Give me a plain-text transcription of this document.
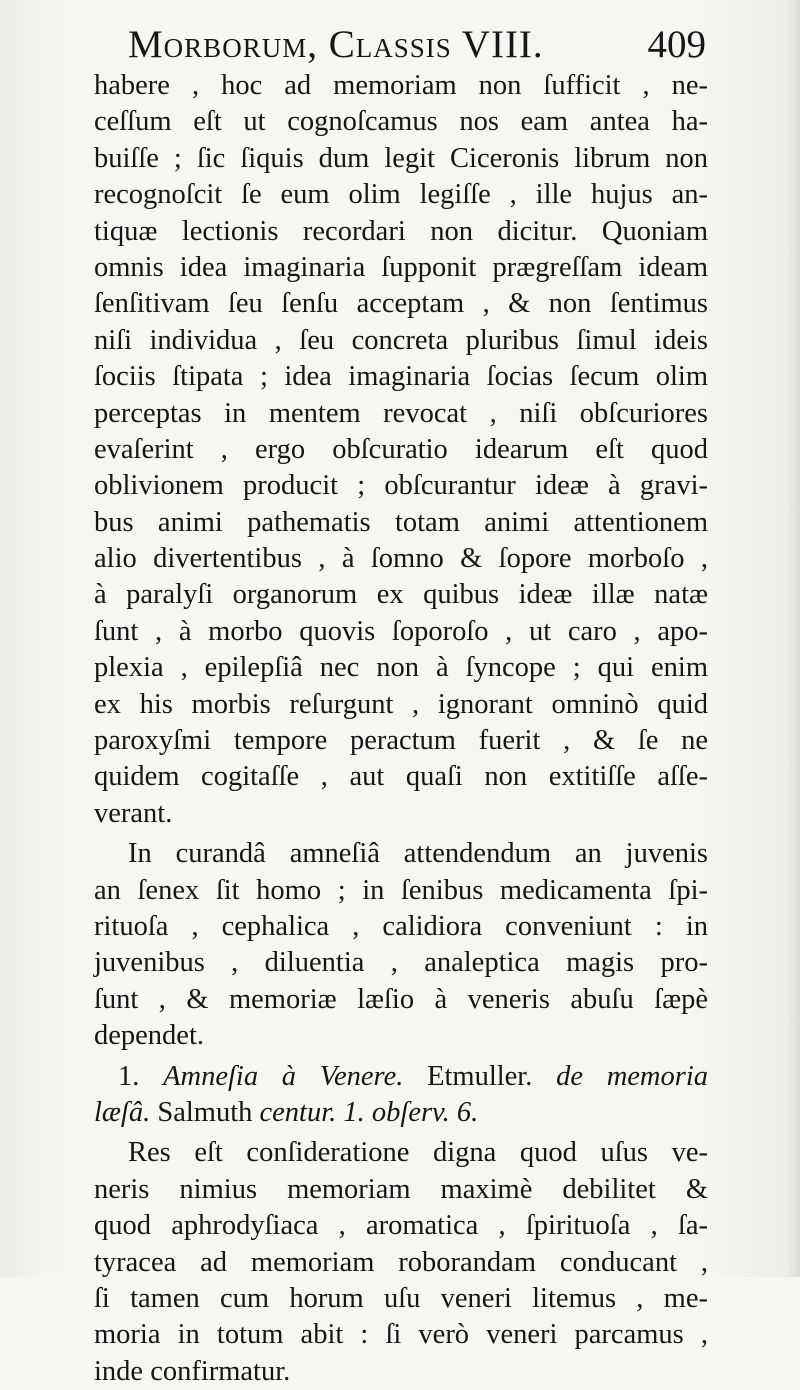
Morborum, Classis VIII.	409
habere , hoc ad memoriam non ſufficit , ne-
ceſſum eſt ut cognoſcamus nos eam antea ha-
buiſſe ; ſic ſiquis dum legit Ciceronis librum non
recognoſcit ſe eum olim legiſſe , ille hujus an-
tiquæ lectionis recordari non dicitur. Quoniam
omnis idea imaginaria ſupponit prægreſſam ideam
ſenſitivam ſeu ſenſu acceptam , & non ſentimus
niſi individua , ſeu concreta pluribus ſimul ideis
ſociis ſtipata ; idea imaginaria ſocias ſecum olim
perceptas in mentem revocat , niſi obſcuriores
evaſerint , ergo obſcuratio idearum eſt quod
oblivionem producit ; obſcurantur ideæ à gravi-
bus animi pathematis totam animi attentionem
alio divertentibus , à ſomno & ſopore morboſo ,
à paralyſi organorum ex quibus ideæ illæ natæ
ſunt , à morbo quovis ſoporoſo , ut caro , apo-
plexia , epilepſiâ nec non à ſyncope ; qui enim
ex his morbis reſurgunt , ignorant omninò quid
paroxyſmi tempore peractum fuerit , & ſe ne
quidem cogitaſſe , aut quaſi non extitiſſe aſſe-
verant.
In curandâ amneſiâ attendendum an juvenis
an ſenex ſit homo ; in ſenibus medicamenta ſpi-
rituoſa , cephalica , calidiora conveniunt : in
juvenibus , diluentia , analeptica magis pro-
ſunt , & memoriæ læſio à veneris abuſu ſæpè
dependet.
1. Amneſia à Venere. Etmuller. de memoria
læſâ. Salmuth centur. 1. obſerv. 6.
Res eſt conſideratione digna quod uſus ve-
neris nimius memoriam maximè debilitet &
quod aphrodyſiaca , aromatica , ſpirituoſa , ſa-
tyracea ad memoriam roborandam conducant ,
ſi tamen cum horum uſu veneri litemus , me-
moria in totum abit : ſi verò veneri parcamus ,
inde confirmatur.
